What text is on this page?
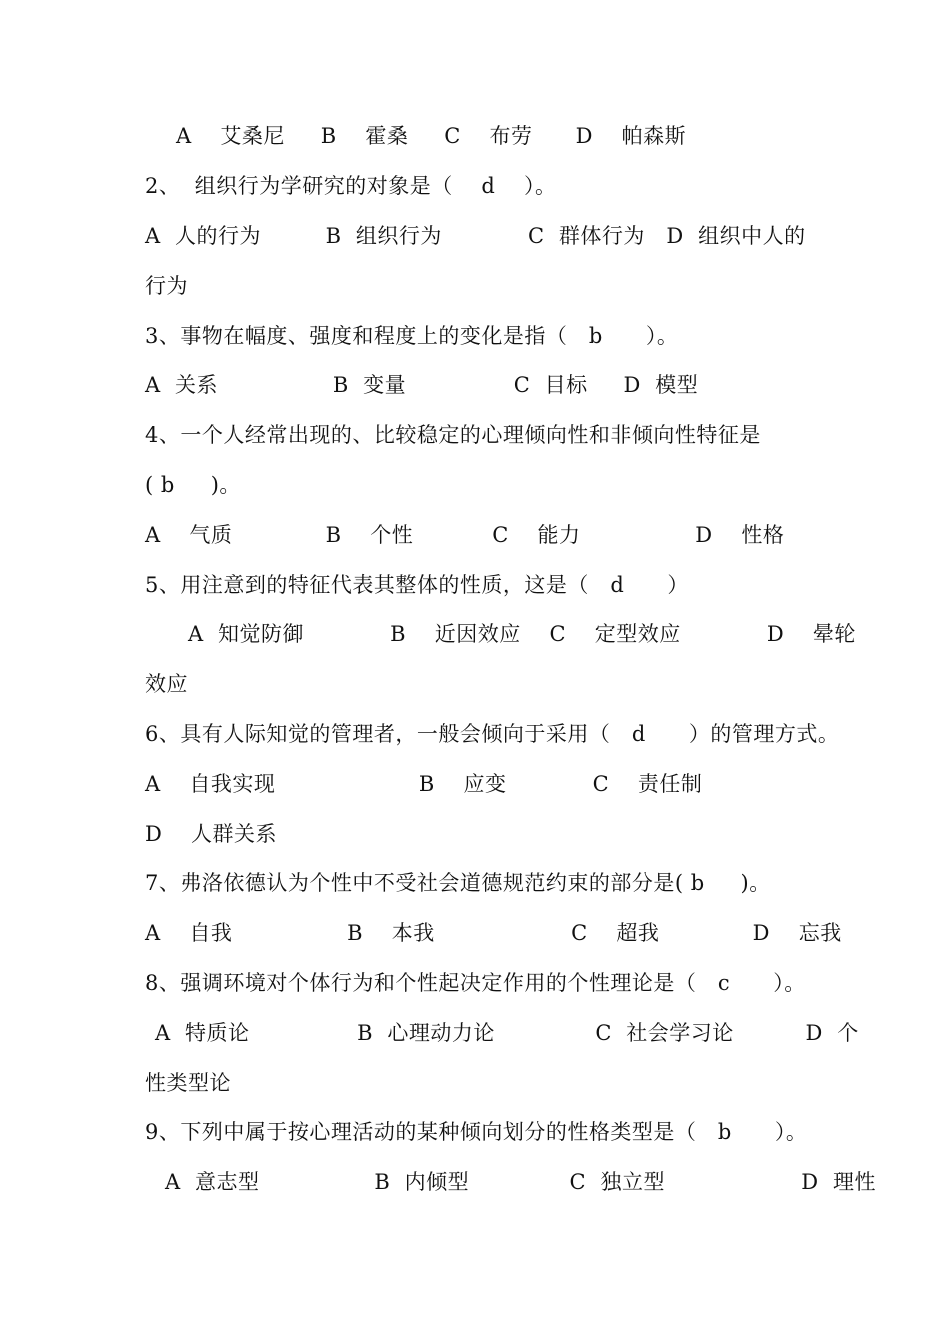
A    艾桑尼     B    霍桑     C    布劳      D    帕森斯
2、  组织行为学研究的对象是（    d    ）。
A  人的行为         B  组织行为            C  群体行为   D  组织中人的
行为
3、事物在幅度、强度和程度上的变化是指（   b      ）。
A  关系                B  变量               C  目标     D  模型
4、一个人经常出现的、比较稳定的心理倾向性和非倾向性特征是
( b     )。
A    气质             B    个性           C    能力                D    性格
5、用注意到的特征代表其整体的性质，这是（   d      ）
A  知觉防御            B    近因效应    C    定型效应            D    晕轮
效应
6、具有人际知觉的管理者，一般会倾向于采用（   d      ）的管理方式。
A    自我实现                    B    应变            C    责任制
D    人群关系
7、弗洛依德认为个性中不受社会道德规范约束的部分是( b     )。
A    自我                B    本我                   C    超我             D    忘我
8、强调环境对个体行为和个性起决定作用的个性理论是（   c      ）。
A  特质论               B  心理动力论              C  社会学习论          D  个
性类型论
9、下列中属于按心理活动的某种倾向划分的性格类型是（   b      ）。
A  意志型                B  内倾型              C  独立型                   D  理性
